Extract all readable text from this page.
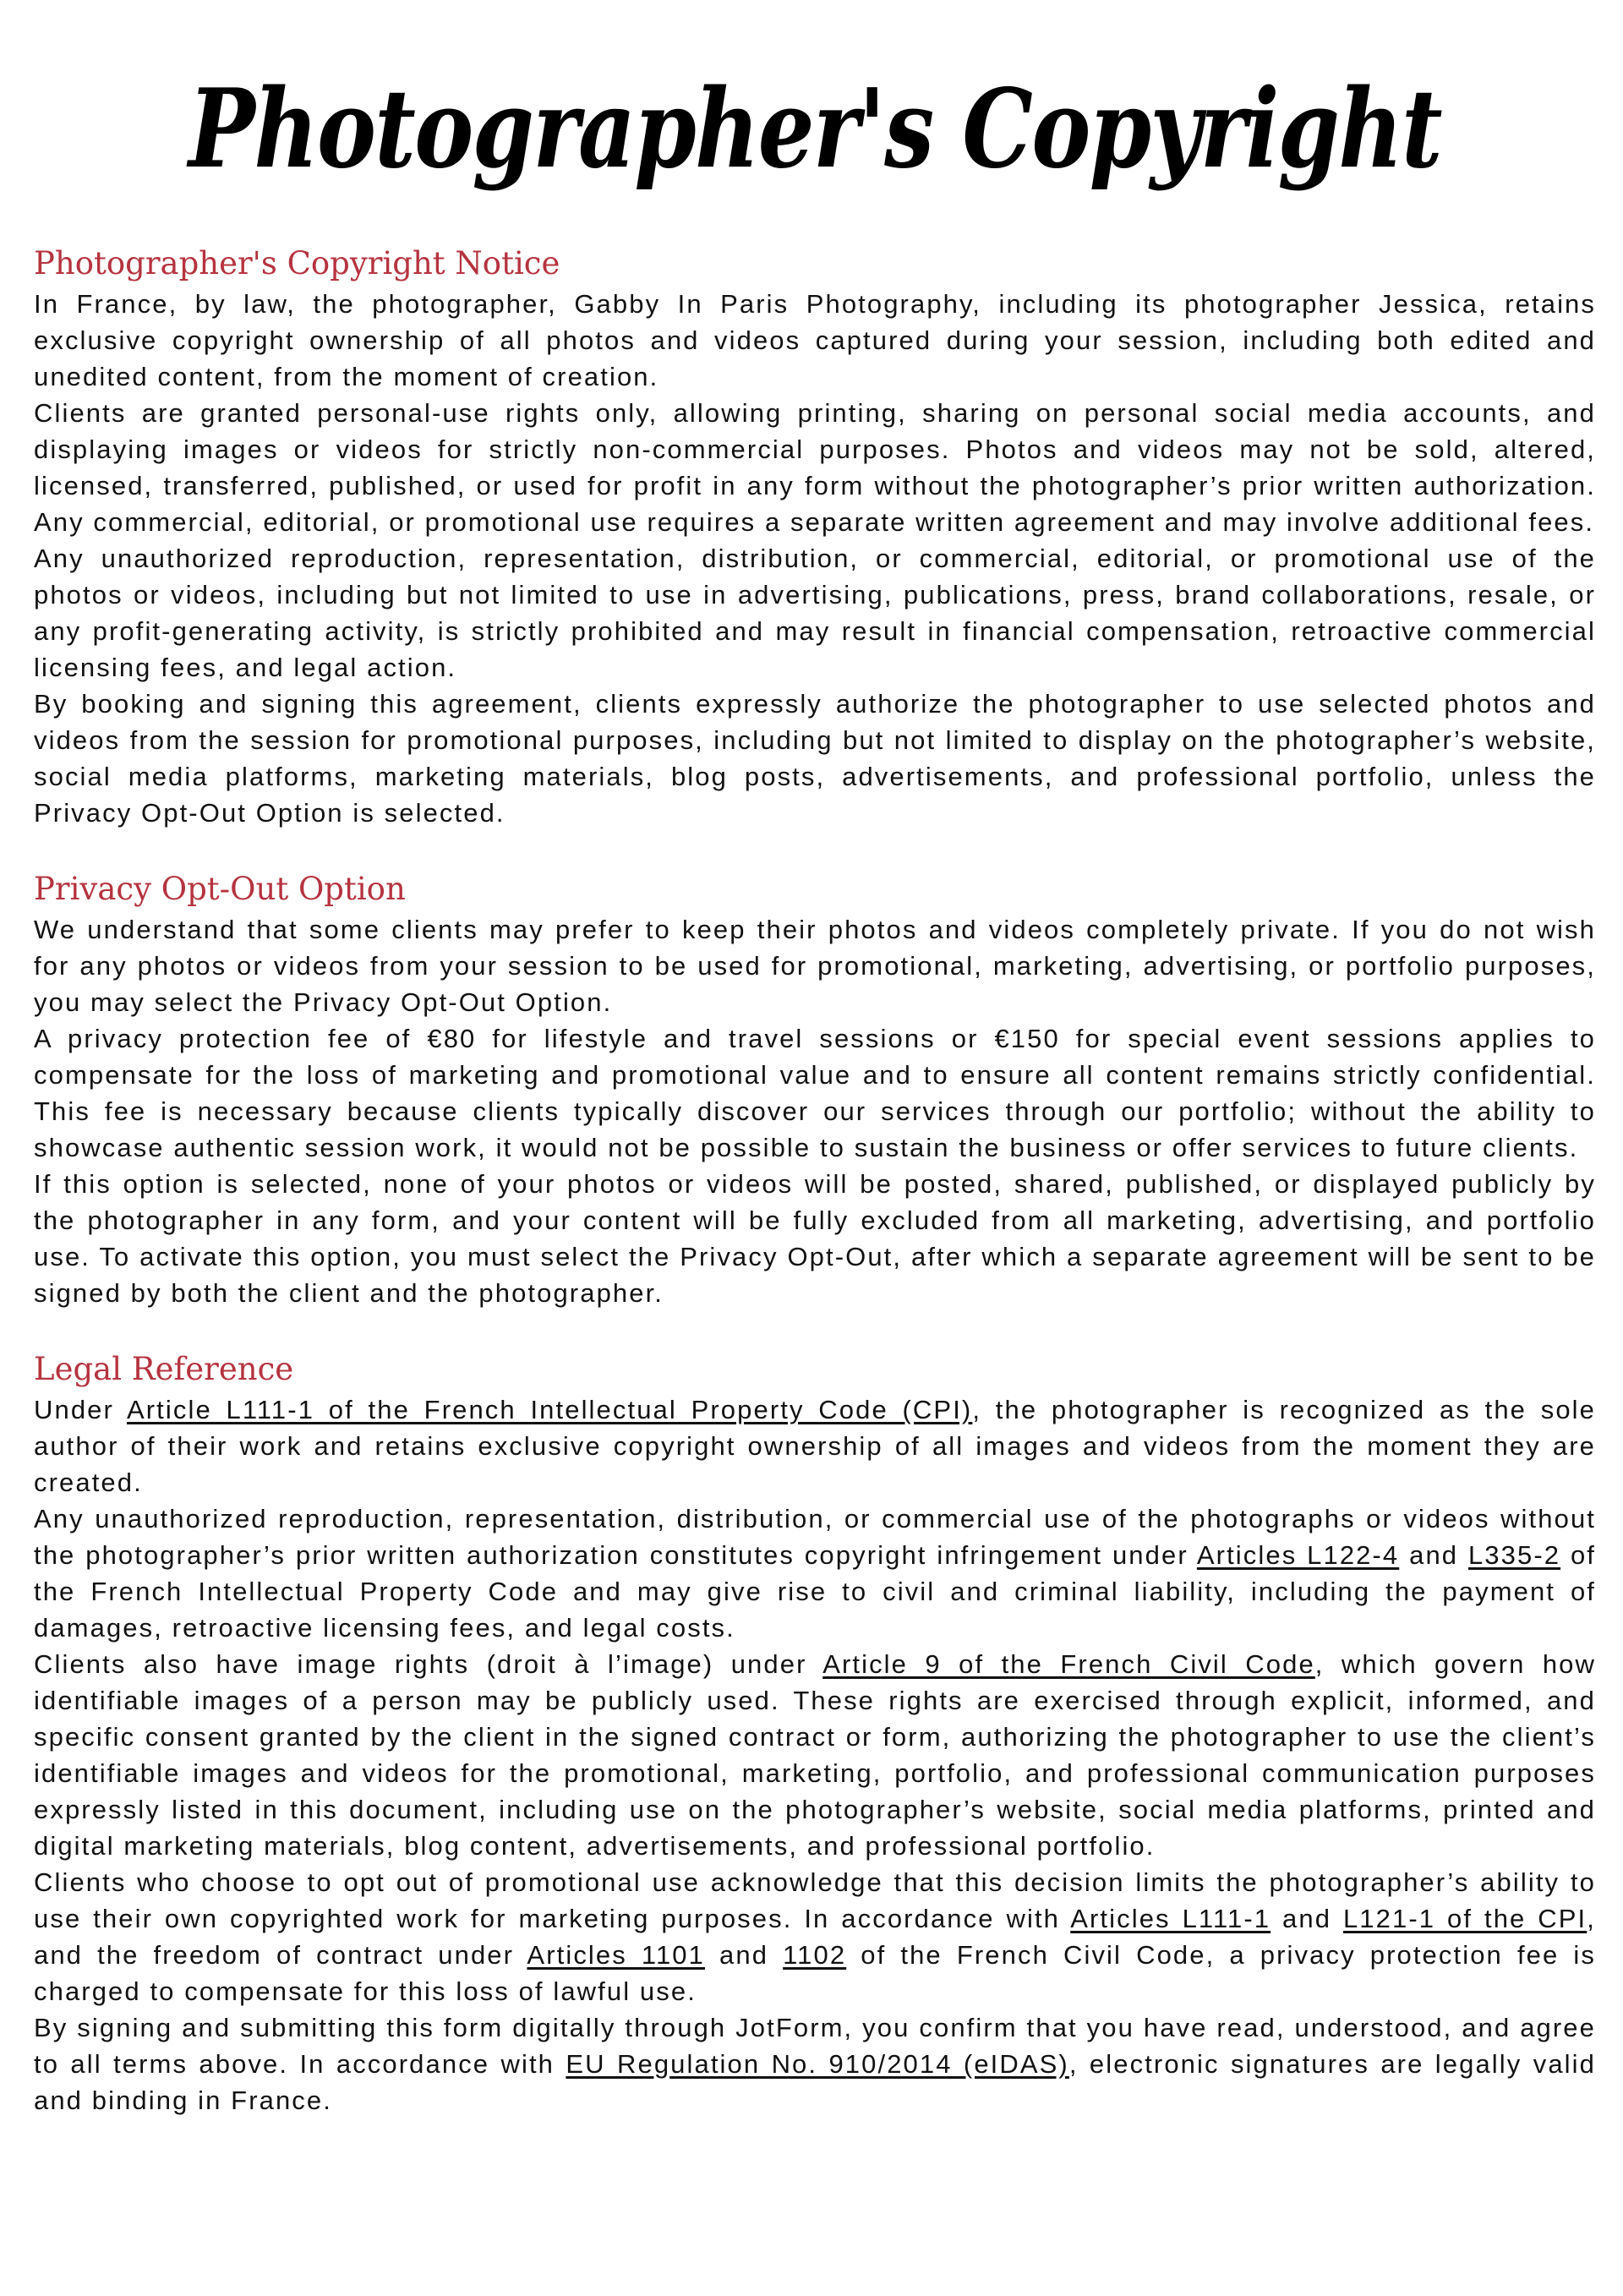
Photographer's Copyright
Photographer's Copyright Notice

In France, by law, the photographer, Gabby In Paris Photography, including its photographer Jessica, retains exclusive copyright ownership of all photos and videos captured during your session, including both edited and unedited content, from the moment of creation.

Clients are granted personal-use rights only, allowing printing, sharing on personal social media accounts, and displaying images or videos for strictly non-commercial purposes. Photos and videos may not be sold, altered, licensed, transferred, published, or used for profit in any form without the photographer’s prior written authorization. Any commercial, editorial, or promotional use requires a separate written agreement and may involve additional fees.

Any unauthorized reproduction, representation, distribution, or commercial, editorial, or promotional use of the photos or videos, including but not limited to use in advertising, publications, press, brand collaborations, resale, or any profit-generating activity, is strictly prohibited and may result in financial compensation, retroactive commercial licensing fees, and legal action.

By booking and signing this agreement, clients expressly authorize the photographer to use selected photos and videos from the session for promotional purposes, including but not limited to display on the photographer’s website, social media platforms, marketing materials, blog posts, advertisements, and professional portfolio, unless the Privacy Opt-Out Option is selected.

Privacy Opt-Out Option

We understand that some clients may prefer to keep their photos and videos completely private. If you do not wish for any photos or videos from your session to be used for promotional, marketing, advertising, or portfolio purposes, you may select the Privacy Opt-Out Option.

A privacy protection fee of €80 for lifestyle and travel sessions or €150 for special event sessions applies to compensate for the loss of marketing and promotional value and to ensure all content remains strictly confidential. This fee is necessary because clients typically discover our services through our portfolio; without the ability to showcase authentic session work, it would not be possible to sustain the business or offer services to future clients.

If this option is selected, none of your photos or videos will be posted, shared, published, or displayed publicly by the photographer in any form, and your content will be fully excluded from all marketing, advertising, and portfolio use. To activate this option, you must select the Privacy Opt-Out, after which a separate agreement will be sent to be signed by both the client and the photographer.

Legal Reference

Under Article L111-1 of the French Intellectual Property Code (CPI), the photographer is recognized as the sole author of their work and retains exclusive copyright ownership of all images and videos from the moment they are created.

Any unauthorized reproduction, representation, distribution, or commercial use of the photographs or videos without the photographer’s prior written authorization constitutes copyright infringement under Articles L122-4 and L335-2 of the French Intellectual Property Code and may give rise to civil and criminal liability, including the payment of damages, retroactive licensing fees, and legal costs.

Clients also have image rights (droit à l’image) under Article 9 of the French Civil Code, which govern how identifiable images of a person may be publicly used. These rights are exercised through explicit, informed, and specific consent granted by the client in the signed contract or form, authorizing the photographer to use the client’s identifiable images and videos for the promotional, marketing, portfolio, and professional communication purposes expressly listed in this document, including use on the photographer’s website, social media platforms, printed and digital marketing materials, blog content, advertisements, and professional portfolio.

Clients who choose to opt out of promotional use acknowledge that this decision limits the photographer’s ability to use their own copyrighted work for marketing purposes. In accordance with Articles L111-1 and L121-1 of the CPI, and the freedom of contract under Articles 1101 and 1102 of the French Civil Code, a privacy protection fee is charged to compensate for this loss of lawful use.

By signing and submitting this form digitally through JotForm, you confirm that you have read, understood, and agree to all terms above. In accordance with EU Regulation No. 910/2014 (eIDAS), electronic signatures are legally valid and binding in France.
